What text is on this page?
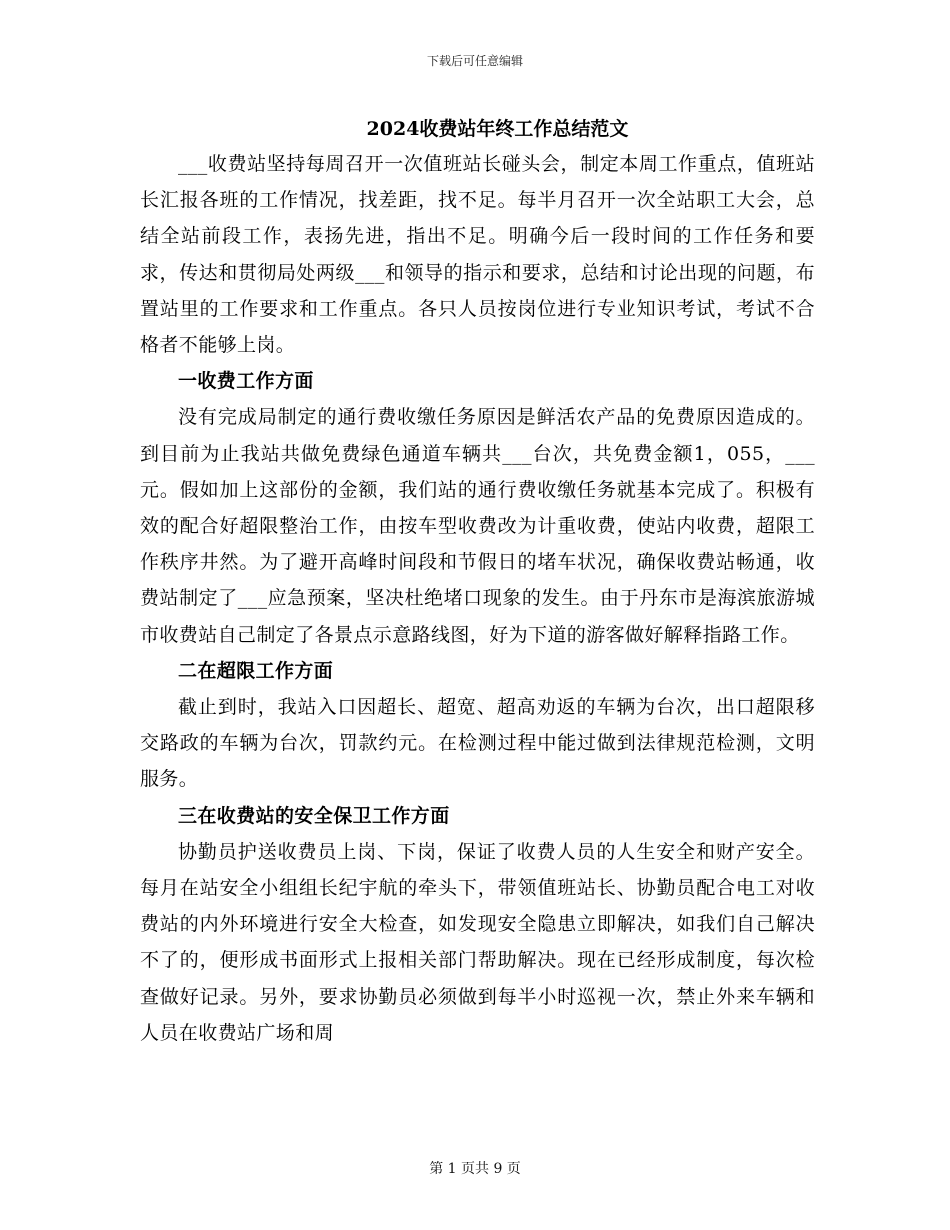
下载后可任意编辑
2024收费站年终工作总结范文

___收费站坚持每周召开一次值班站长碰头会，制定本周工作重点，值班站长汇报各班的工作情况，找差距，找不足。每半月召开一次全站职工大会，总结全站前段工作，表扬先进，指出不足。明确今后一段时间的工作任务和要求，传达和贯彻局处两级___和领导的指示和要求，总结和讨论出现的问题，布置站里的工作要求和工作重点。各只人员按岗位进行专业知识考试，考试不合格者不能够上岗。

一收费工作方面

没有完成局制定的通行费收缴任务原因是鲜活农产品的免费原因造成的。到目前为止我站共做免费绿色通道车辆共___台次，共免费金额1，055，___元。假如加上这部份的金额，我们站的通行费收缴任务就基本完成了。积极有效的配合好超限整治工作，由按车型收费改为计重收费，使站内收费，超限工作秩序井然。为了避开高峰时间段和节假日的堵车状况，确保收费站畅通，收费站制定了___应急预案，坚决杜绝堵口现象的发生。由于丹东市是海滨旅游城市收费站自己制定了各景点示意路线图，好为下道的游客做好解释指路工作。

二在超限工作方面

截止到时，我站入口因超长、超宽、超高劝返的车辆为台次，出口超限移交路政的车辆为台次，罚款约元。在检测过程中能过做到法律规范检测，文明服务。

三在收费站的安全保卫工作方面

协勤员护送收费员上岗、下岗，保证了收费人员的人生安全和财产安全。每月在站安全小组组长纪宇航的牵头下，带领值班站长、协勤员配合电工对收费站的内外环境进行安全大检查，如发现安全隐患立即解决，如我们自己解决不了的，便形成书面形式上报相关部门帮助解决。现在已经形成制度，每次检查做好记录。另外，要求协勤员必须做到每半小时巡视一次，禁止外来车辆和人员在收费站广场和周

第 1 页共 9 页
